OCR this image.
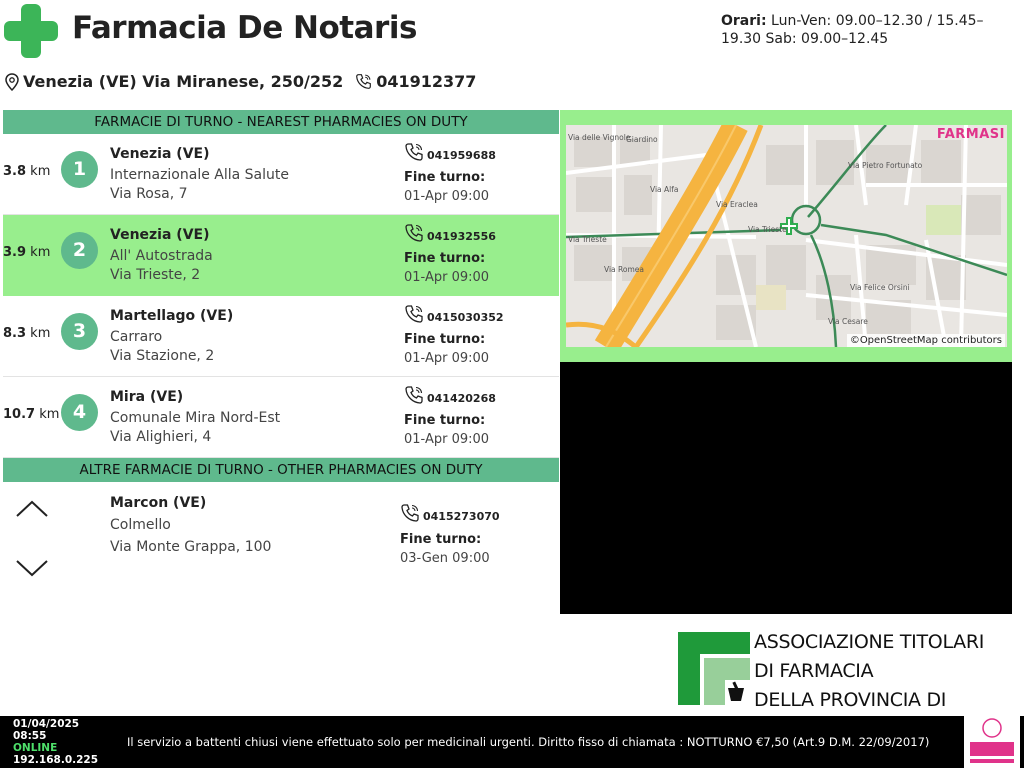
Farmacia De Notaris	Orari: Lun-Ven: 09.00–12.30 / 15.45–19.30 Sab: 09.00–12.45
Venezia (VE) Via Miranese, 250/252 041912377
FARMACIE DI TURNO - NEAREST PHARMACIES ON DUTY
3.8 km	1
Venezia (VE)
Internazionale Alla Salute
Via Rosa, 7
041959688
Fine turno:
01-Apr 09:00
3.9 km	2
Venezia (VE)
All' Autostrada
Via Trieste, 2
041932556
Fine turno:
01-Apr 09:00
8.3 km	3
Martellago (VE)
Carraro
Via Stazione, 2
0415030352
Fine turno:
01-Apr 09:00
10.7 km 4
Mira (VE)
Comunale Mira Nord-Est
Via Alighieri, 4
041420268
Fine turno:
01-Apr 09:00
ALTRE FARMACIE DI TURNO - OTHER PHARMACIES ON DUTY
Marcon (VE)
Colmello
Via Monte Grappa, 100
0415273070
Fine turno:
03-Gen 09:00
Via delle Vignole
Giardino
Via Alfa
Via Eraclea
Via Trieste
Via Trieste
Via Pietro Fortunato
Via Felice Orsini
Via Cesare
Via Romea
FARMASI
©OpenStreetMap contributors
ASSOCIAZIONE TITOLARI
DI FARMACIA
DELLA PROVINCIA DI
01/04/2025
08:55
ONLINE
192.168.0.225
Il servizio a battenti chiusi viene effettuato solo per medicinali urgenti. Diritto fisso di chiamata : NOTTURNO €7,50 (Art.9 D.M. 22/09/2017)
